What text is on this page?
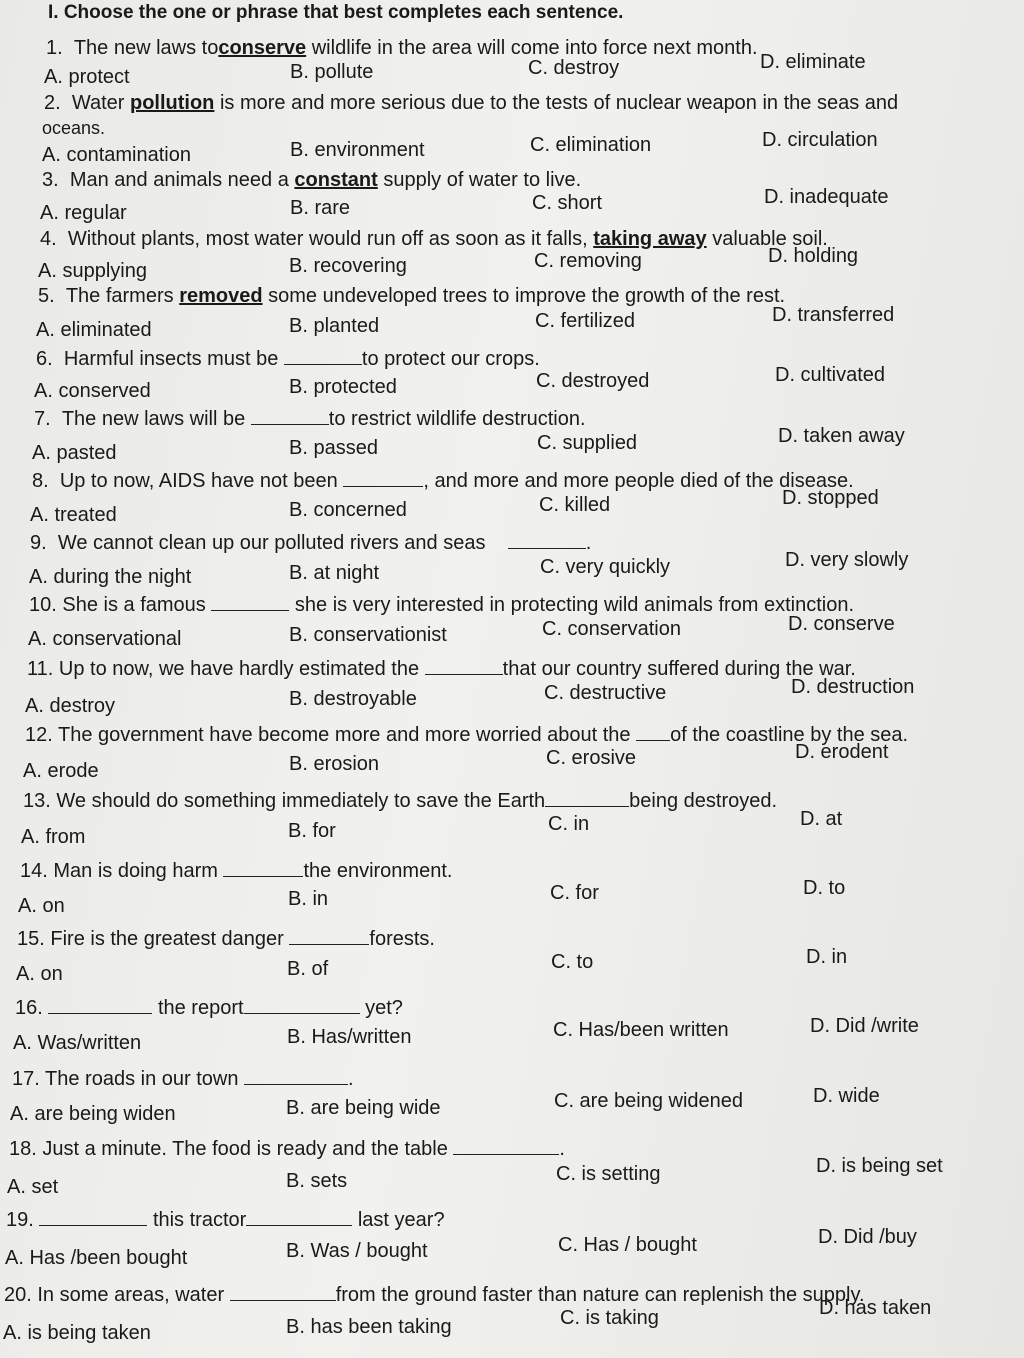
I. Choose the one or phrase that best completes each sentence.
1. The new laws toconserve wildlife in the area will come into force next month.
A. protect	B. pollute	C. destroy	D. eliminate
2. Water pollution is more and more serious due to the tests of nuclear weapon in the seas and
oceans.
A. contamination	B. environment	C. elimination	D. circulation
3. Man and animals need a constant supply of water to live.
A. regular	B. rare	C. short	D. inadequate
4. Without plants, most water would run off as soon as it falls, taking away valuable soil.
A. supplying	B. recovering	C. removing	D. holding
5. The farmers removed some undeveloped trees to improve the growth of the rest.
A. eliminated	B. planted	C. fertilized	D. transferred
6. Harmful insects must be	to protect our crops.
A. conserved	B. protected	C. destroyed	D. cultivated
7. The new laws will be	to restrict wildlife destruction.
A. pasted	B. passed	C. supplied	D. taken away
8. Up to now, AIDS have not been	, and more and more people died of the disease.
A. treated	B. concerned	C. killed	D. stopped
9. We cannot clean up our polluted rivers and seas	.
A. during the night	B. at night	C. very quickly	D. very slowly
10. She is a famous	she is very interested in protecting wild animals from extinction.
A. conservational	B. conservationist	C. conservation	D. conserve
11. Up to now, we have hardly estimated the	that our country suffered during the war.
A. destroy	B. destroyable	C. destructive	D. destruction
12. The government have become more and more worried about the of the coastline by the sea.
A. erode	B. erosion	C. erosive	D. erodent
13. We should do something immediately to save the Earth	being destroyed.
A. from	B. for	C. in	D. at
14. Man is doing harm	the environment.
A. on	B. in	C. for	D. to
15. Fire is the greatest danger	forests.
A. on	B. of	C. to	D. in
16.	the report	yet?
A. Was/written	B. Has/written	C. Has/been written	D. Did /write
17. The roads in our town	.
A. are being widen	B. are being wide	C. are being widened	D. wide
18. Just a minute. The food is ready and the table	.
A. set	B. sets	C. is setting	D. is being set
19.	this tractor	last year?
A. Has /been bought	B. Was / bought	C. Has / bought	D. Did /buy
20. In some areas, water	from the ground faster than nature can replenish the supply.
A. is being taken	B. has been taking	C. is taking	D. has taken
